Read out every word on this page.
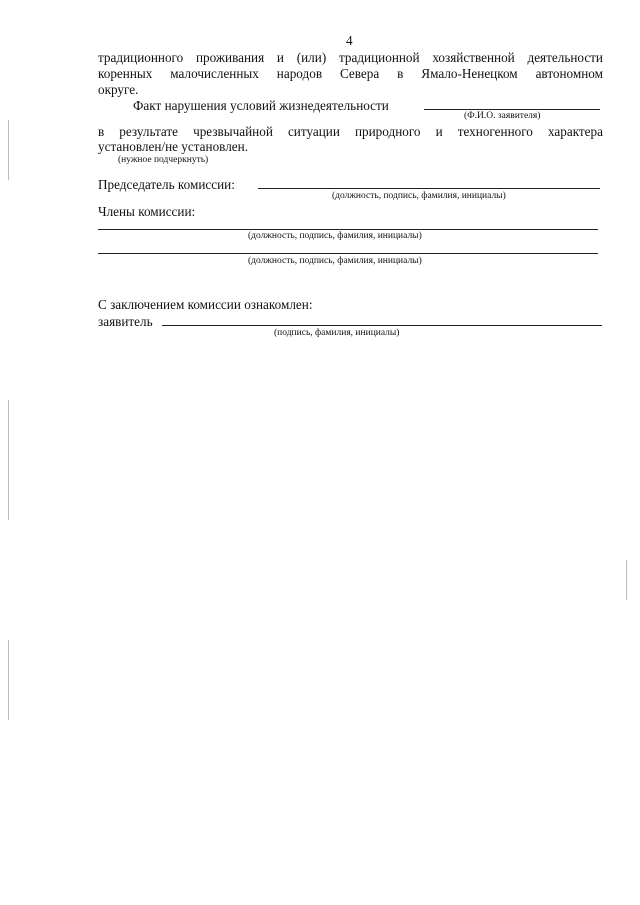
4
традиционного проживания и (или) традиционной хозяйственной деятельности
коренных малочисленных народов Севера в Ямало-Ненецком автономном
округе.
Факт нарушения условий жизнедеятельности
(Ф.И.О. заявителя)
в результате чрезвычайной ситуации природного и техногенного характера
установлен/не установлен.
(нужное подчеркнуть)
Председатель комиссии:
(должность, подпись, фамилия, инициалы)
Члены комиссии:
(должность, подпись, фамилия, инициалы)
(должность, подпись, фамилия, инициалы)
С заключением комиссии ознакомлен:
заявитель
(подпись, фамилия, инициалы)
